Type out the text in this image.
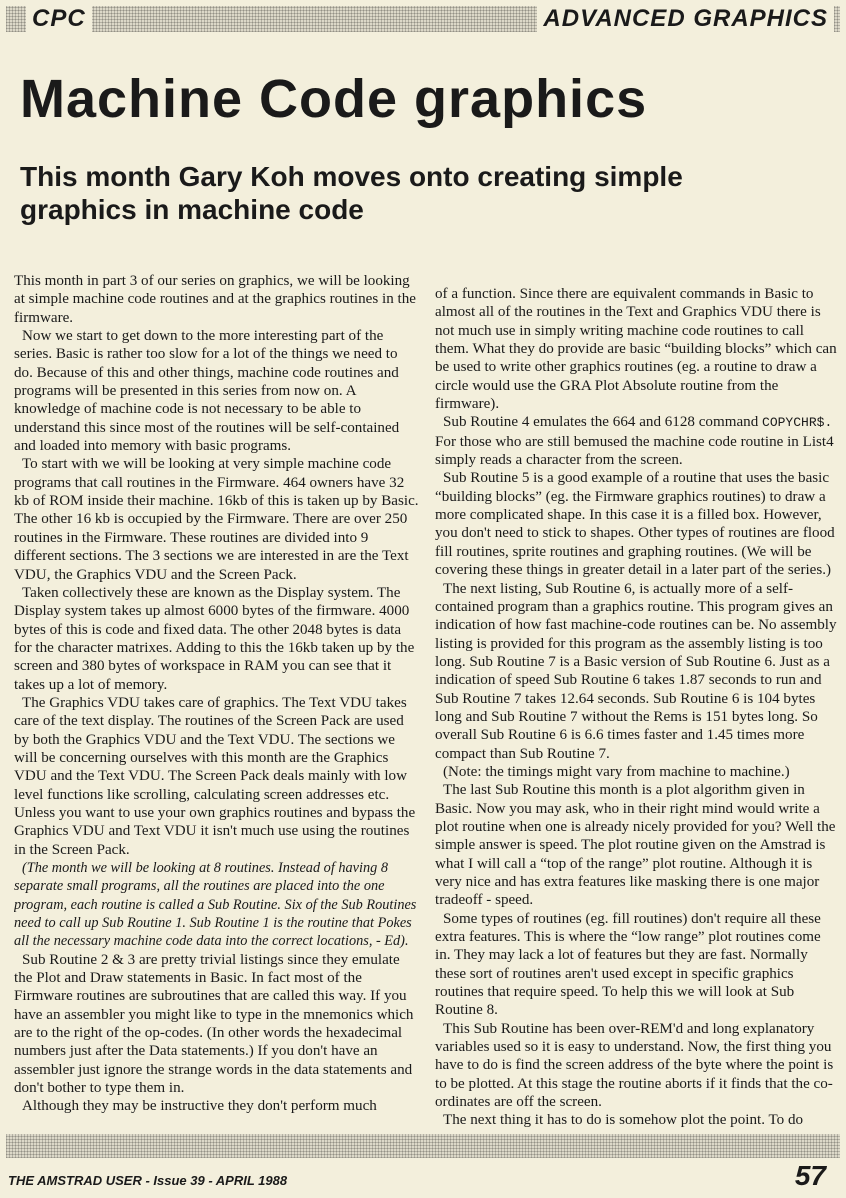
CPC	ADVANCED GRAPHICS
Machine Code graphics
This month Gary Koh moves onto creating simple graphics in machine code

This month in part 3 of our series on graphics, we will be looking at simple machine code routines and at the graphics routines in the firmware.

Now we start to get down to the more interesting part of the series. Basic is rather too slow for a lot of the things we need to do. Because of this and other things, machine code routines and programs will be presented in this series from now on. A knowledge of machine code is not necessary to be able to understand this since most of the routines will be self-contained and loaded into memory with basic programs.

To start with we will be looking at very simple machine code programs that call routines in the Firmware. 464 owners have 32 kb of ROM inside their machine. 16kb of this is taken up by Basic. The other 16 kb is occupied by the Firmware. There are over 250 routines in the Firmware. These routines are divided into 9 different sections. The 3 sections we are interested in are the Text VDU, the Graphics VDU and the Screen Pack.

Taken collectively these are known as the Display system. The Display system takes up almost 6000 bytes of the firmware. 4000 bytes of this is code and fixed data. The other 2048 bytes is data for the character matrixes. Adding to this the 16kb taken up by the screen and 380 bytes of workspace in RAM you can see that it takes up a lot of memory.

The Graphics VDU takes care of graphics. The Text VDU takes care of the text display. The routines of the Screen Pack are used by both the Graphics VDU and the Text VDU. The sections we will be concerning ourselves with this month are the Graphics VDU and the Text VDU. The Screen Pack deals mainly with low level functions like scrolling, calculating screen addresses etc. Unless you want to use your own graphics routines and bypass the Graphics VDU and Text VDU it isn't much use using the routines in the Screen Pack.

(The month we will be looking at 8 routines. Instead of having 8 separate small programs, all the routines are placed into the one program, each routine is called a Sub Routine. Six of the Sub Routines need to call up Sub Routine 1. Sub Routine 1 is the routine that Pokes all the necessary machine code data into the correct locations, - Ed).

Sub Routine 2 & 3 are pretty trivial listings since they emulate the Plot and Draw statements in Basic. In fact most of the Firmware routines are subroutines that are called this way. If you have an assembler you might like to type in the mnemonics which are to the right of the op-codes. (In other words the hexadecimal numbers just after the Data statements.) If you don't have an assembler just ignore the strange words in the data statements and don't bother to type them in.

Although they may be instructive they don't perform much

of a function. Since there are equivalent commands in Basic to almost all of the routines in the Text and Graphics VDU there is not much use in simply writing machine code routines to call them. What they do provide are basic “building blocks” which can be used to write other graphics routines (eg. a routine to draw a circle would use the GRA Plot Absolute routine from the firmware).

Sub Routine 4 emulates the 664 and 6128 command COPYCHR$. For those who are still bemused the machine code routine in List4 simply reads a character from the screen.

Sub Routine 5 is a good example of a routine that uses the basic “building blocks” (eg. the Firmware graphics routines) to draw a more complicated shape. In this case it is a filled box. However, you don't need to stick to shapes. Other types of routines are flood fill routines, sprite routines and graphing routines. (We will be covering these things in greater detail in a later part of the series.)

The next listing, Sub Routine 6, is actually more of a self-contained program than a graphics routine. This program gives an indication of how fast machine-code routines can be. No assembly listing is provided for this program as the assembly listing is too long. Sub Routine 7 is a Basic version of Sub Routine 6. Just as a indication of speed Sub Routine 6 takes 1.87 seconds to run and Sub Routine 7 takes 12.64 seconds. Sub Routine 6 is 104 bytes long and Sub Routine 7 without the Rems is 151 bytes long. So overall Sub Routine 6 is 6.6 times faster and 1.45 times more compact than Sub Routine 7.

(Note: the timings might vary from machine to machine.)

The last Sub Routine this month is a plot algorithm given in Basic. Now you may ask, who in their right mind would write a plot routine when one is already nicely provided for you? Well the simple answer is speed. The plot routine given on the Amstrad is what I will call a “top of the range” plot routine. Although it is very nice and has extra features like masking there is one major tradeoff - speed.

Some types of routines (eg. fill routines) don't require all these extra features. This is where the “low range” plot routines come in. They may lack a lot of features but they are fast. Normally these sort of routines aren't used except in specific graphics routines that require speed. To help this we will look at Sub Routine 8.

This Sub Routine has been over-REM'd and long explanatory variables used so it is easy to understand. Now, the first thing you have to do is find the screen address of the byte where the point is to be plotted. At this stage the routine aborts if it finds that the co-ordinates are off the screen.

The next thing it has to do is somehow plot the point. To do

THE AMSTRAD USER - Issue 39 - APRIL 1988	57
